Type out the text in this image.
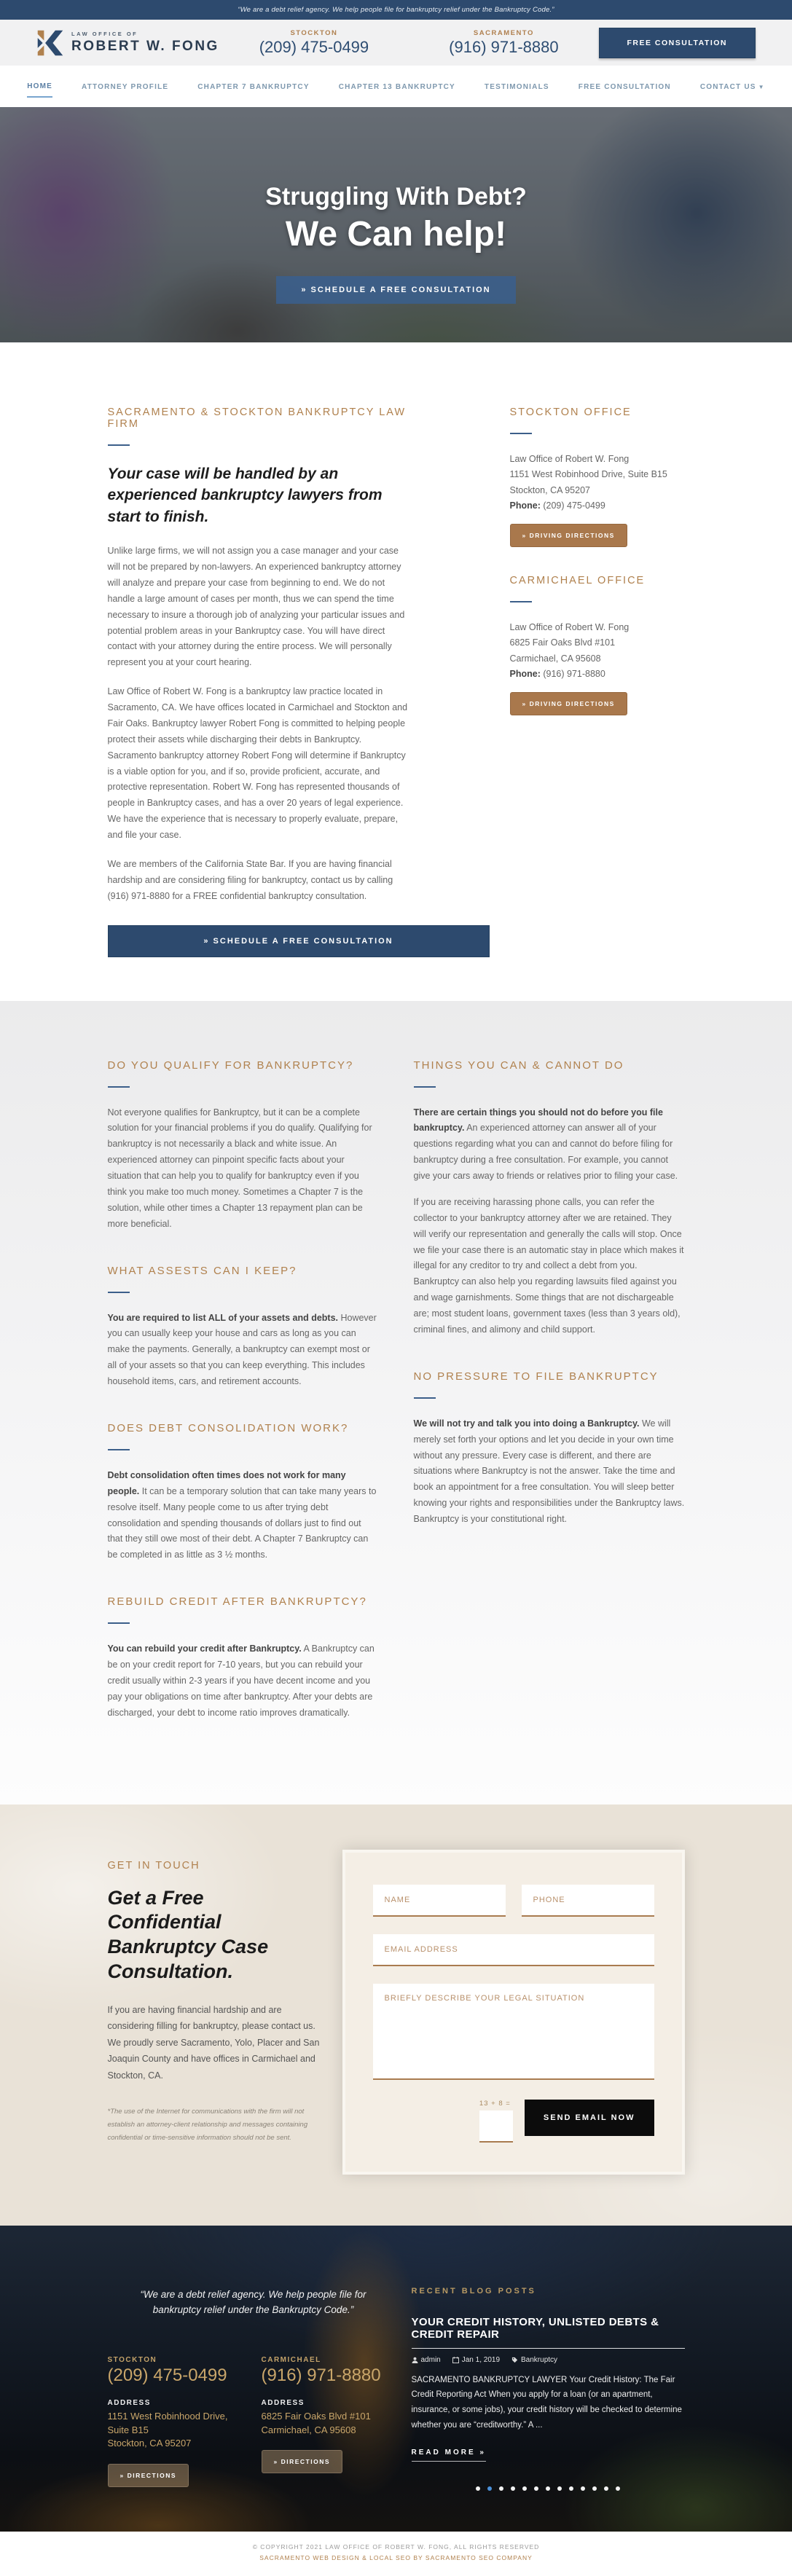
“We are a debt relief agency. We help people file for bankruptcy relief under the Bankruptcy Code.”
LAW OFFICE OF
ROBERT W. FONG
STOCKTON
(209) 475-0499
SACRAMENTO
(916) 971-8880	FREE CONSULTATION
HOME	ATTORNEY PROFILE	CHAPTER 7 BANKRUPTCY	CHAPTER 13 BANKRUPTCY	TESTIMONIALS	FREE CONSULTATION	CONTACT US ▼
Struggling With Debt?
We Can help!
» SCHEDULE A FREE CONSULTATION
SACRAMENTO & STOCKTON BANKRUPTCY LAW FIRM
Your case will be handled by an experienced bankruptcy lawyers from start to finish.

Unlike large firms, we will not assign you a case manager and your case will not be prepared by non-lawyers. An experienced bankruptcy attorney will analyze and prepare your case from beginning to end. We do not handle a large amount of cases per month, thus we can spend the time necessary to insure a thorough job of analyzing your particular issues and potential problem areas in your Bankruptcy case. You will have direct contact with your attorney during the entire process. We will personally represent you at your court hearing.

Law Office of Robert W. Fong is a bankruptcy law practice located in Sacramento, CA. We have offices located in Carmichael and Stockton and Fair Oaks. Bankruptcy lawyer Robert Fong is committed to helping people protect their assets while discharging their debts in Bankruptcy. Sacramento bankruptcy attorney Robert Fong will determine if Bankruptcy is a viable option for you, and if so, provide proficient, accurate, and protective representation. Robert W. Fong has represented thousands of people in Bankruptcy cases, and has a over 20 years of legal experience. We have the experience that is necessary to properly evaluate, prepare, and file your case.

We are members of the California State Bar. If you are having financial hardship and are considering filing for bankruptcy, contact us by calling (916) 971-8880 for a FREE confidential bankruptcy consultation.

» SCHEDULE A FREE CONSULTATION
STOCKTON OFFICE

Law Office of Robert W. Fong
1151 West Robinhood Drive, Suite B15
Stockton, CA 95207
Phone: (209) 475-0499

» DRIVING DIRECTIONS
CARMICHAEL OFFICE

Law Office of Robert W. Fong
6825 Fair Oaks Blvd #101
Carmichael, CA 95608
Phone: (916) 971-8880

» DRIVING DIRECTIONS
DO YOU QUALIFY FOR BANKRUPTCY?

Not everyone qualifies for Bankruptcy, but it can be a complete solution for your financial problems if you do qualify. Qualifying for bankruptcy is not necessarily a black and white issue. An experienced attorney can pinpoint specific facts about your situation that can help you to qualify for bankruptcy even if you think you make too much money. Sometimes a Chapter 7 is the solution, while other times a Chapter 13 repayment plan can be more beneficial.

WHAT ASSESTS CAN I KEEP?

You are required to list ALL of your assets and debts. However you can usually keep your house and cars as long as you can make the payments. Generally, a bankruptcy can exempt most or all of your assets so that you can keep everything. This includes household items, cars, and retirement accounts.

DOES DEBT CONSOLIDATION WORK?

Debt consolidation often times does not work for many people. It can be a temporary solution that can take many years to resolve itself. Many people come to us after trying debt consolidation and spending thousands of dollars just to find out that they still owe most of their debt. A Chapter 7 Bankruptcy can be completed in as little as 3 ½ months.

REBUILD CREDIT AFTER BANKRUPTCY?

You can rebuild your credit after Bankruptcy. A Bankruptcy can be on your credit report for 7-10 years, but you can rebuild your credit usually within 2-3 years if you have decent income and you pay your obligations on time after bankruptcy. After your debts are discharged, your debt to income ratio improves dramatically.

THINGS YOU CAN & CANNOT DO

There are certain things you should not do before you file bankruptcy. An experienced attorney can answer all of your questions regarding what you can and cannot do before filing for bankruptcy during a free consultation. For example, you cannot give your cars away to friends or relatives prior to filing your case.

If you are receiving harassing phone calls, you can refer the collector to your bankruptcy attorney after we are retained. They will verify our representation and generally the calls will stop. Once we file your case there is an automatic stay in place which makes it illegal for any creditor to try and collect a debt from you. Bankruptcy can also help you regarding lawsuits filed against you and wage garnishments. Some things that are not dischargeable are; most student loans, government taxes (less than 3 years old), criminal fines, and alimony and child support.

NO PRESSURE TO FILE BANKRUPTCY

We will not try and talk you into doing a Bankruptcy. We will merely set forth your options and let you decide in your own time without any pressure. Every case is different, and there are situations where Bankruptcy is not the answer. Take the time and book an appointment for a free consultation. You will sleep better knowing your rights and responsibilities under the Bankruptcy laws. Bankruptcy is your constitutional right.

GET IN TOUCH
Get a Free Confidential Bankruptcy Case Consultation.

If you are having financial hardship and are considering filling for bankruptcy, please contact us. We proudly serve Sacramento, Yolo, Placer and San Joaquin County and have offices in Carmichael and Stockton, CA.

*The use of the Internet for communications with the firm will not establish an attorney-client relationship and messages containing confidential or time-sensitive information should not be sent.

NAME
PHONE
EMAIL ADDRESS
BRIEFLY DESCRIBE YOUR LEGAL SITUATION
13 + 8 =
SEND EMAIL NOW
“We are a debt relief agency. We help people file for bankruptcy relief under the Bankruptcy Code.”
STOCKTON
(209) 475-0499
ADDRESS
1151 West Robinhood Drive,
Suite B15
Stockton, CA 95207
» DIRECTIONS
CARMICHAEL
(916) 971-8880
ADDRESS
6825 Fair Oaks Blvd #101
Carmichael, CA 95608
» DIRECTIONS
RECENT BLOG POSTS
YOUR CREDIT HISTORY, UNLISTED DEBTS & CREDIT REPAIR
admin	Jan 1, 2019	Bankruptcy
SACRAMENTO BANKRUPTCY LAWYER Your Credit History: The Fair Credit Reporting Act When you apply for a loan (or an apartment, insurance, or some jobs), your credit history will be checked to determine whether you are “creditworthy.” A ...
READ MORE »
© COPYRIGHT 2021 LAW OFFICE OF ROBERT W. FONG, ALL RIGHTS RESERVED
SACRAMENTO WEB DESIGN & LOCAL SEO BY SACRAMENTO SEO COMPANY
